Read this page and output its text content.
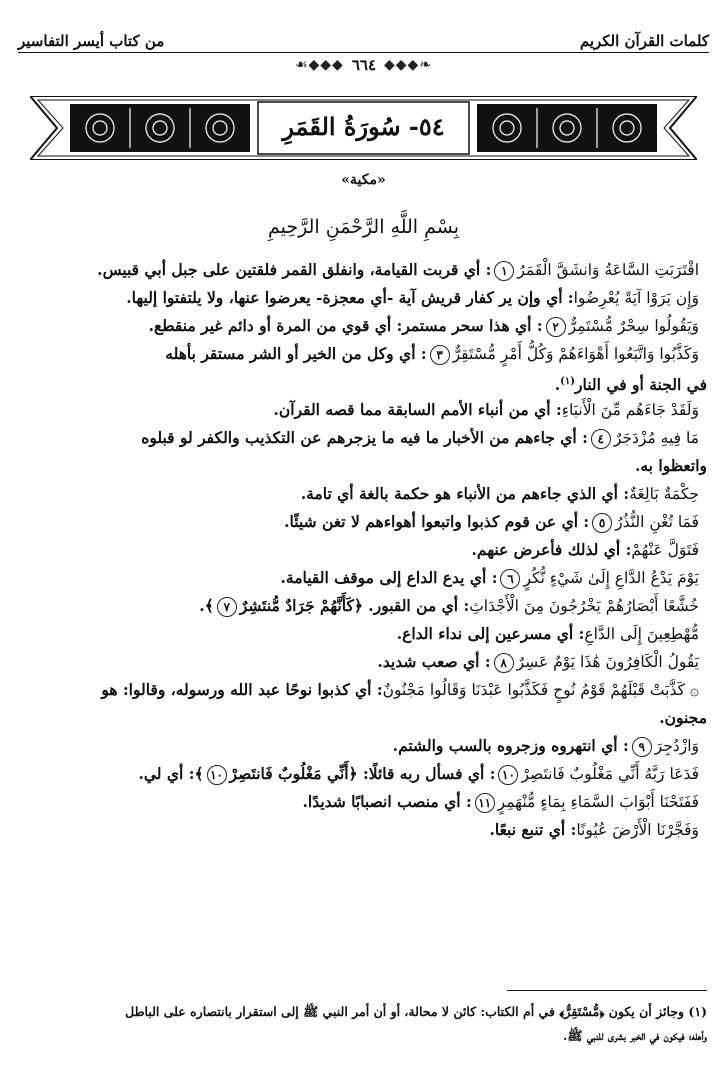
كلمات القرآن الكريم
من كتاب أيسر التفاسير
❧◆◆◆
٦٦٤
◆◆◆☙
٥٤- سُورَةُ القَمَرِ
«مكية»
بِسْمِ اللَّهِ الرَّحْمَنِ الرَّحِيمِ
اقْتَرَبَتِ السَّاعَةُ وَانشَقَّ الْقَمَرُ١: أي قربت القيامة، وانفلق القمر فلقتين على جبل أبي قبيس.
وَإِن يَرَوْا آيَةً يُعْرِضُوا: أي وإن ير كفار قريش آية -أي معجزة- يعرضوا عنها، ولا يلتفتوا إليها.
وَيَقُولُوا سِحْرٌ مُّسْتَمِرٌّ٢: أي هذا سحر مستمر: أي قوي من المرة أو دائم غير منقطع.
وَكَذَّبُوا وَاتَّبَعُوا أَهْوَاءَهُمْ وَكُلُّ أَمْرٍ مُّسْتَقِرٌّ٣: أي وكل من الخير أو الشر مستقر بأهله
في الجنة أو في النار$^{(١)}$.
وَلَقَدْ جَاءَهُم مِّنَ الْأَنبَاءِ: أي من أنباء الأمم السابقة مما قصه القرآن.
مَا فِيهِ مُزْدَجَرٌ٤: أي جاءهم من الأخبار ما فيه ما يزجرهم عن التكذيب والكفر لو قبلوه
واتعظوا به.
حِكْمَةٌ بَالِغَةٌ: أي الذي جاءهم من الأنباء هو حكمة بالغة أي تامة.
فَمَا تُغْنِ النُّذُرُ٥: أي عن قوم كذبوا واتبعوا أهواءهم لا تغن شيئًا.
فَتَوَلَّ عَنْهُمْ: أي لذلك فأعرض عنهم.
يَوْمَ يَدْعُ الدَّاعِ إِلَىٰ شَيْءٍ نُّكُرٍ٦: أي يدع الداع إلى موقف القيامة.
خُشَّعًا أَبْصَارُهُمْ يَخْرُجُونَ مِنَ الْأَجْدَاثِ: أي من القبور. ﴿كَأَنَّهُمْ جَرَادٌ مُّنتَشِرٌ٧﴾.
مُّهْطِعِينَ إِلَى الدَّاعِ: أي مسرعين إلى نداء الداع.
يَقُولُ الْكَافِرُونَ هَٰذَا يَوْمٌ عَسِرٌ٨: أي صعب شديد.
۞ كَذَّبَتْ قَبْلَهُمْ قَوْمُ نُوحٍ فَكَذَّبُوا عَبْدَنَا وَقَالُوا مَجْنُونٌ: أي كذبوا نوحًا عبد الله ورسوله، وقالوا: هو
مجنون.
وَازْدُجِرَ٩: أي انتهروه وزجروه بالسب والشتم.
فَدَعَا رَبَّهُ أَنِّي مَغْلُوبٌ فَانتَصِرْ١٠: أي فسأل ربه قائلًا: ﴿أَنِّي مَغْلُوبٌ فَانتَصِرْ١٠﴾: أي لي.
فَفَتَحْنَا أَبْوَابَ السَّمَاءِ بِمَاءٍ مُّنْهَمِرٍ١١: أي منصب انصبابًا شديدًا.
وَفَجَّرْنَا الْأَرْضَ عُيُونًا: أي تنبع نبعًا.
(١) وجائز أن يكون ﴿مُّسْتَقِرٌّ﴾ في أم الكتاب: كائن لا محالة، أو أن أمر النبي ﷺ إلى استقرار بانتصاره على الباطل
وأهله؛ فيكون في الخبر بشرى للنبي ﷺ.
